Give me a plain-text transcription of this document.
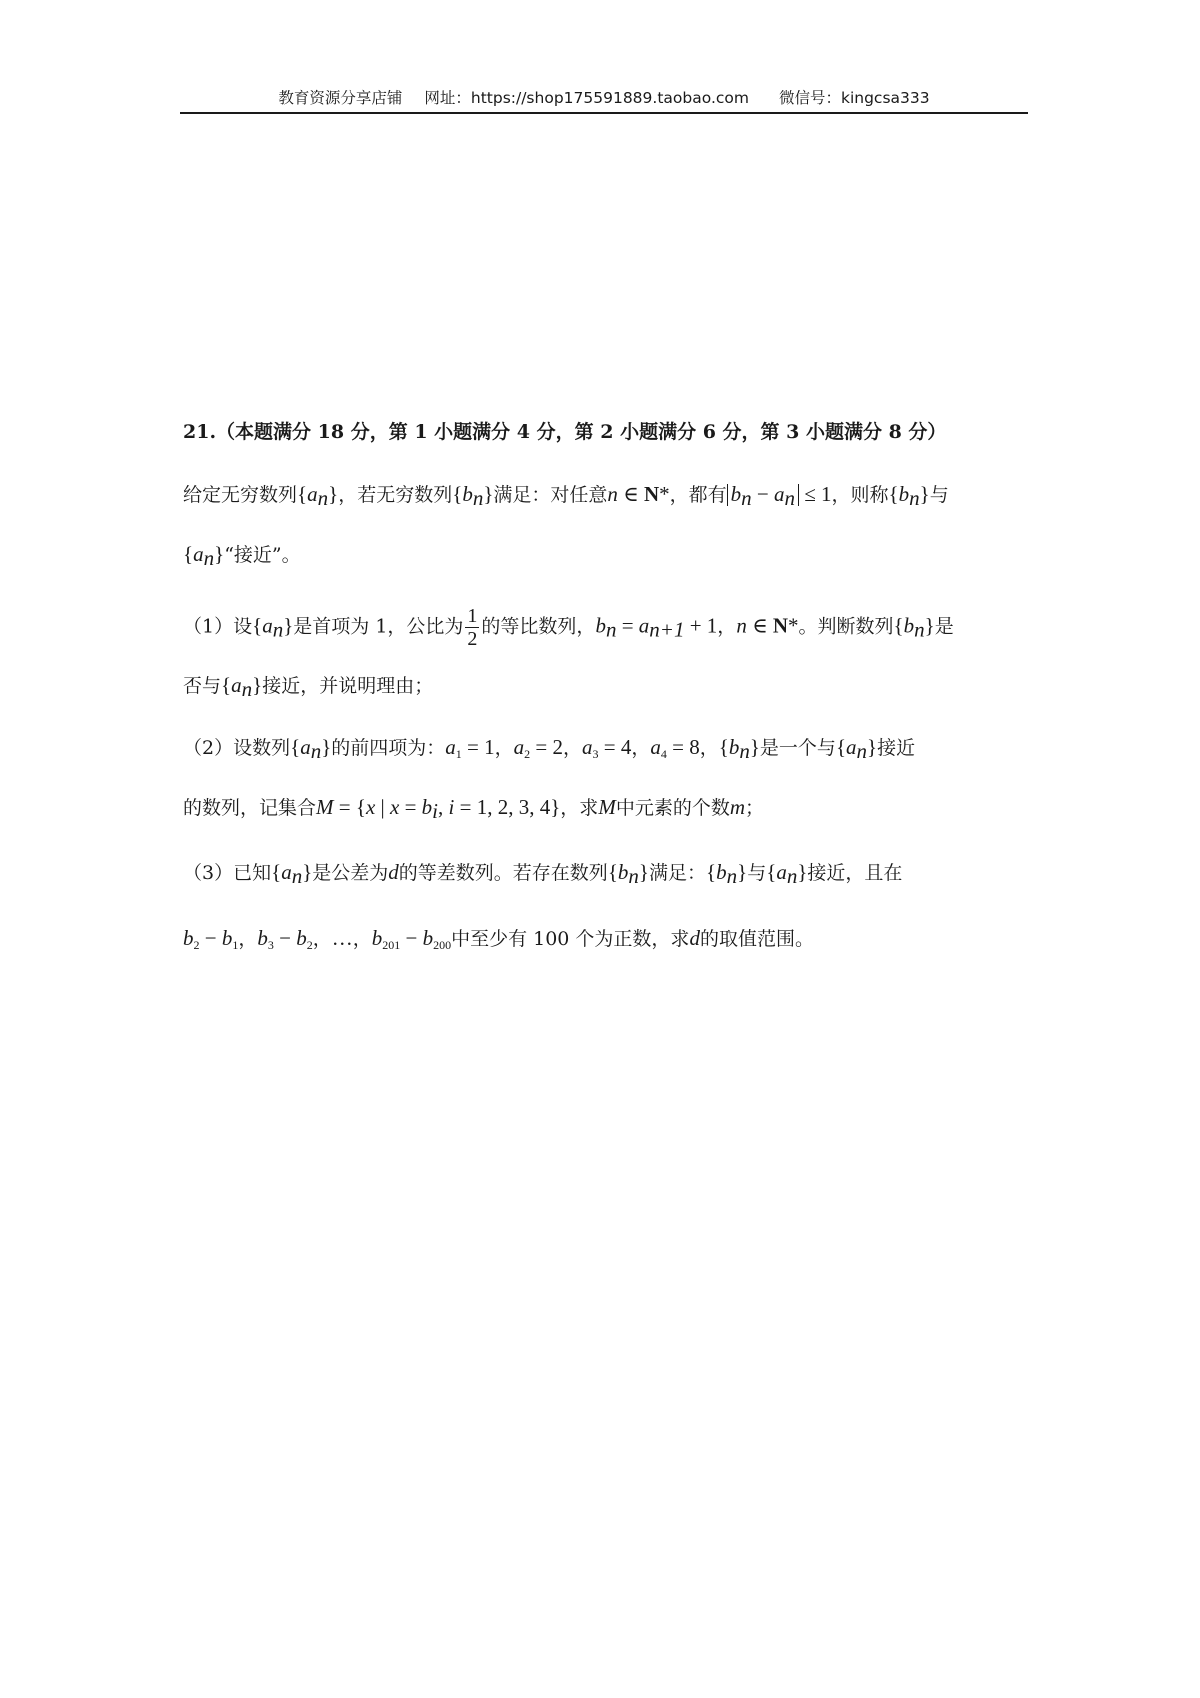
教育资源分享店铺 网址：https://shop175591889.taobao.com 微信号：kingcsa333
21.（本题满分 18 分，第 1 小题满分 4 分，第 2 小题满分 6 分，第 3 小题满分 8 分）
给定无穷数列$\{a_n\}$，若无穷数列$\{b_n\}$满足：对任意n ∈ N*，都有 $b_n - a_n \le 1$，则称$\{b_n\}$与
$\{a_n\}“$接近”。
（1）设$\{a_n\}$是首项为 1，公比为 $\frac{1}{2}$ 的等比数列，$b_n = a_{n+1} + 1$，n ∈ N*。判断数列$\{b_n\}$是
否与$\{a_n\}$接近，并说明理由；
（2）设数列$\{a_n\}$的前四项为：$a_1 = 1$，$a_2 = 2$，$a_3 = 4$，$a_4 = 8$，$\{b_n\}$是一个与$\{a_n\}$接近
的数列，记集合M = {x | $x = b_i$, i = 1, 2, 3, 4}，求M中元素的个数m；
（3）已知$\{a_n\}$是公差为d的等差数列。若存在数列$\{b_n\}$满足：$\{b_n\}$与$\{a_n\}$接近，且在
$b_2 - b_1$，$b_3 - b_2$，…，$b_{201} - b_{200}$中至少有 100 个为正数，求d的取值范围。
